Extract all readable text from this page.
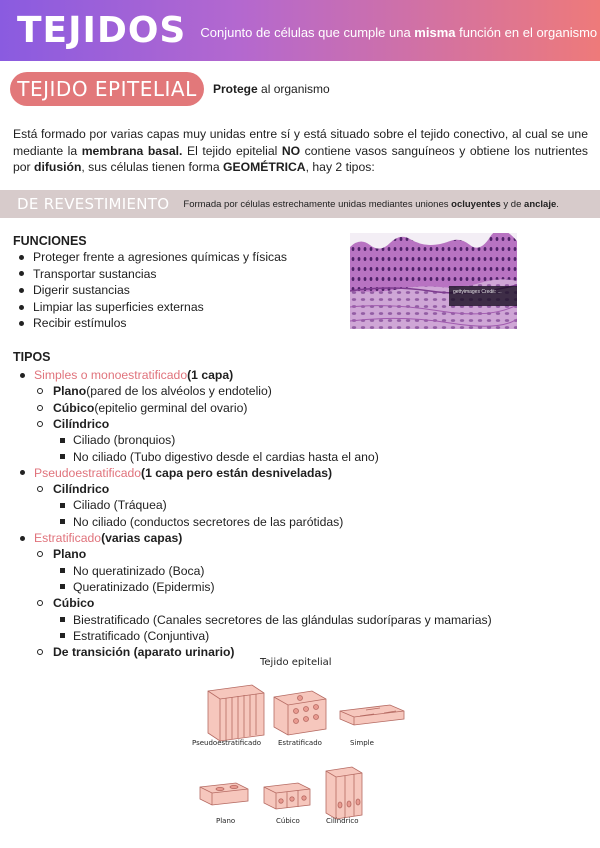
TEJIDOS Conjunto de células que cumple una misma función en el organismo
TEJIDO EPITELIAL	Protege al organismo

Está formado por varias capas muy unidas entre sí y está situado sobre el tejido conectivo, al cual se une mediante la membrana basal. El tejido epitelial NO contiene vasos sanguíneos y obtiene los nutrientes por difusión, sus células tienen forma GEOMÉTRICA, hay 2 tipos:

DE REVESTIMIENTO Formada por células estrechamente unidas mediantes uniones ocluyentes y de anclaje.
FUNCIONES
Proteger frente a agresiones químicas y físicas
Transportar sustancias
Digerir sustancias
Limpiar las superficies externas
Recibir estímulos
gettyimages Credit: ...
TIPOS
Simples o monoestratificado (1 capa)
Plano (pared de los alvéolos y endotelio)
Cúbico (epitelio germinal del ovario)
Cilíndrico
Ciliado (bronquios)
No ciliado (Tubo digestivo desde el cardias hasta el ano)
Pseudoestratificado (1 capa pero están desniveladas)
Cilíndrico
Ciliado (Tráquea)
No ciliado (conductos secretores de las parótidas)
Estratificado (varias capas)
Plano
No queratinizado (Boca)
Queratinizado (Epidermis)
Cúbico
Biestratificado (Canales secretores de las glándulas sudoríparas y mamarias)
Estratificado (Conjuntiva)
De transición (aparato urinario)
Tejido epitelial
Pseudoestratificado Estratificado	Simple
Plano	Cúbico	Cilíndrico
